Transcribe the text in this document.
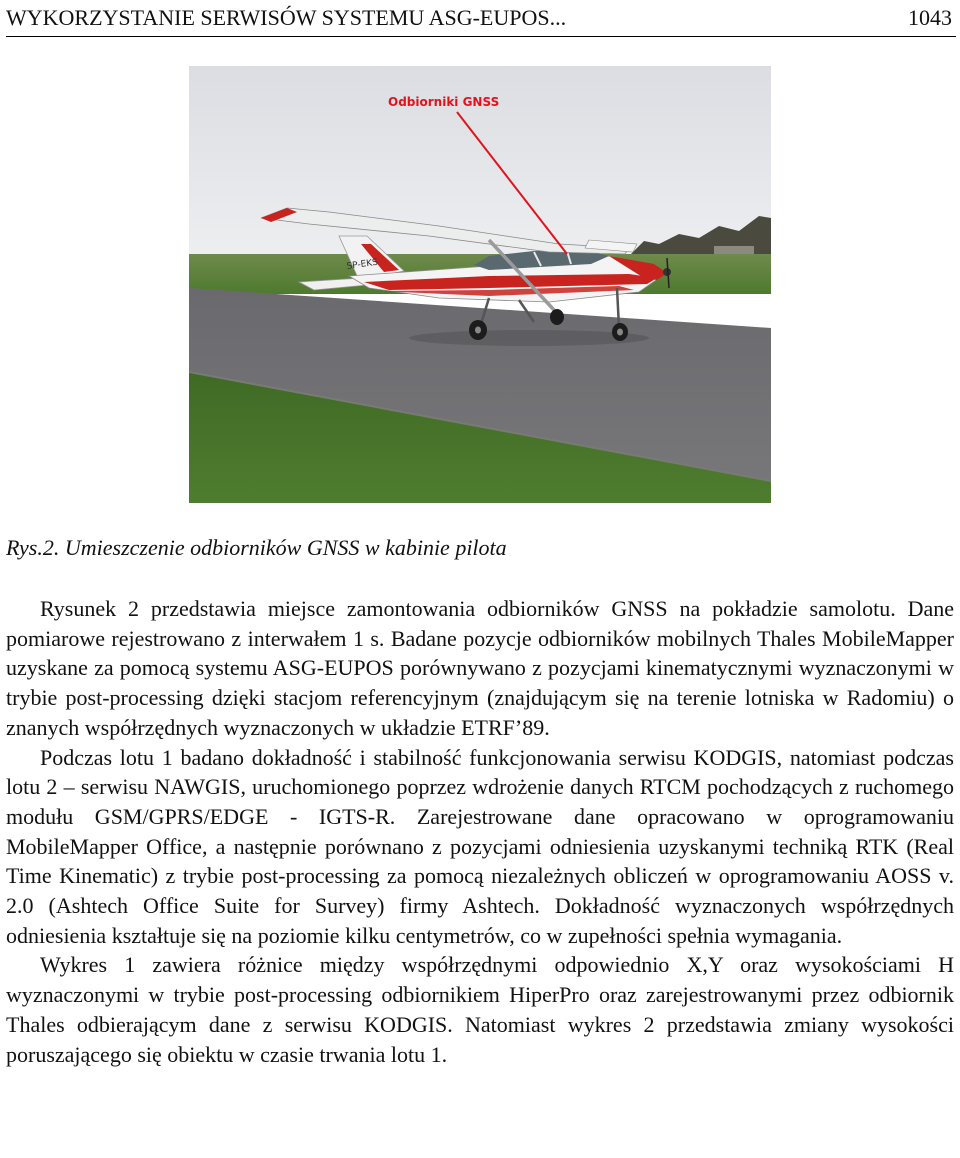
WYKORZYSTANIE SERWISÓW SYSTEMU ASG-EUPOS...	1043
SP-EKS
Odbiorniki GNSS
Rys.2. Umieszczenie odbiorników GNSS w kabinie pilota

Rysunek 2 przedstawia miejsce zamontowania odbiorników GNSS na pokładzie samolotu. Dane pomiarowe rejestrowano z interwałem 1 s. Badane pozycje odbiorników mobilnych Thales MobileMapper uzyskane za pomocą systemu ASG-EUPOS porównywano z pozycjami kinematycznymi wyznaczonymi w trybie post-processing dzięki stacjom referencyjnym (znajdującym się na terenie lotniska w Radomiu) o znanych współrzędnych wyznaczonych w układzie ETRF’89.

Podczas lotu 1 badano dokładność i stabilność funkcjonowania serwisu KODGIS, natomiast podczas lotu 2 – serwisu NAWGIS, uruchomionego poprzez wdrożenie danych RTCM pochodzących z ruchomego modułu GSM/GPRS/EDGE - IGTS-R. Zarejestrowane dane opracowano w oprogramowaniu MobileMapper Office, a następnie porównano z pozycjami odniesienia uzyskanymi techniką RTK (Real Time Kinematic) z trybie post-processing za pomocą niezależnych obliczeń w oprogramowaniu AOSS v. 2.0 (Ashtech Office Suite for Survey) firmy Ashtech. Dokładność wyznaczonych współrzędnych odniesienia kształtuje się na poziomie kilku centymetrów, co w zupełności spełnia wymagania.

Wykres 1 zawiera różnice między współrzędnymi odpowiednio X,Y oraz wysokościami H wyznaczonymi w trybie post-processing odbiornikiem HiperPro oraz zarejestrowanymi przez odbiornik Thales odbierającym dane z serwisu KODGIS. Natomiast wykres 2 przedstawia zmiany wysokości poruszającego się obiektu w czasie trwania lotu 1.
